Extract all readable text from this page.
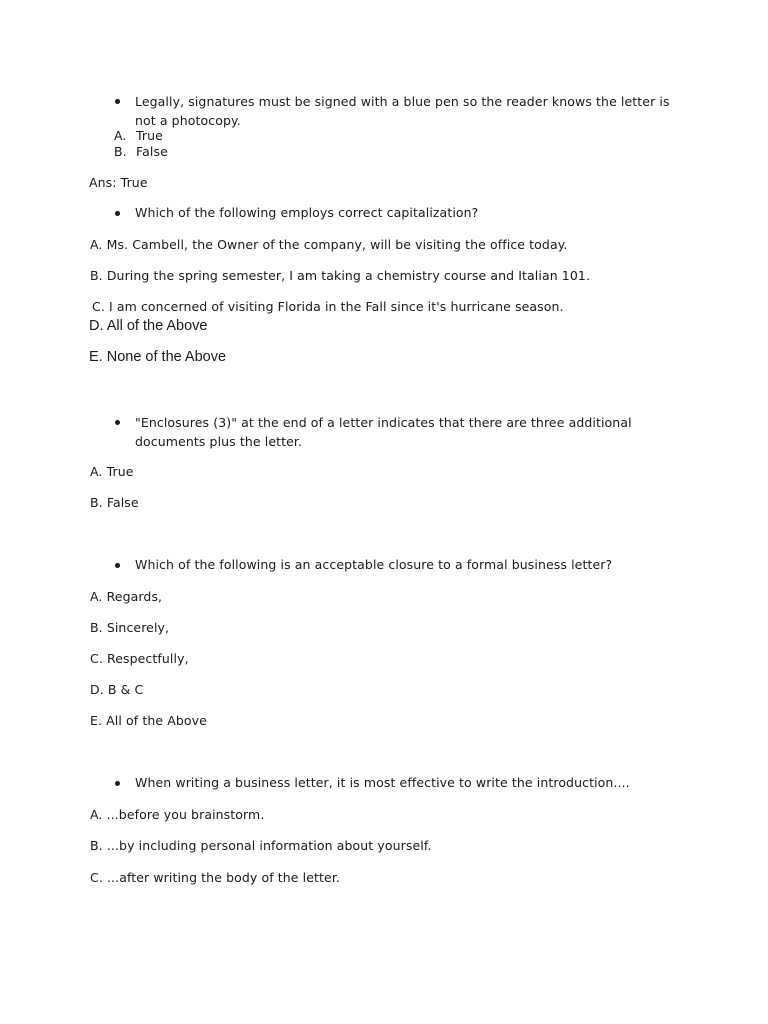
Legally, signatures must be signed with a blue pen so the reader knows the letter is not a photocopy.
A. True
B. False
Ans: True
Which of the following employs correct capitalization?
A. Ms. Cambell, the Owner of the company, will be visiting the office today.
B. During the spring semester, I am taking a chemistry course and Italian 101.
C. I am concerned of visiting Florida in the Fall since it's hurricane season.
D. All of the Above
E. None of the Above
"Enclosures (3)" at the end of a letter indicates that there are three additional documents plus the letter.
A. True
B. False
Which of the following is an acceptable closure to a formal business letter?
A. Regards,
B. Sincerely,
C. Respectfully,
D. B & C
E. All of the Above
When writing a business letter, it is most effective to write the introduction....
A. ...before you brainstorm.
B. ...by including personal information about yourself.
C. ...after writing the body of the letter.
